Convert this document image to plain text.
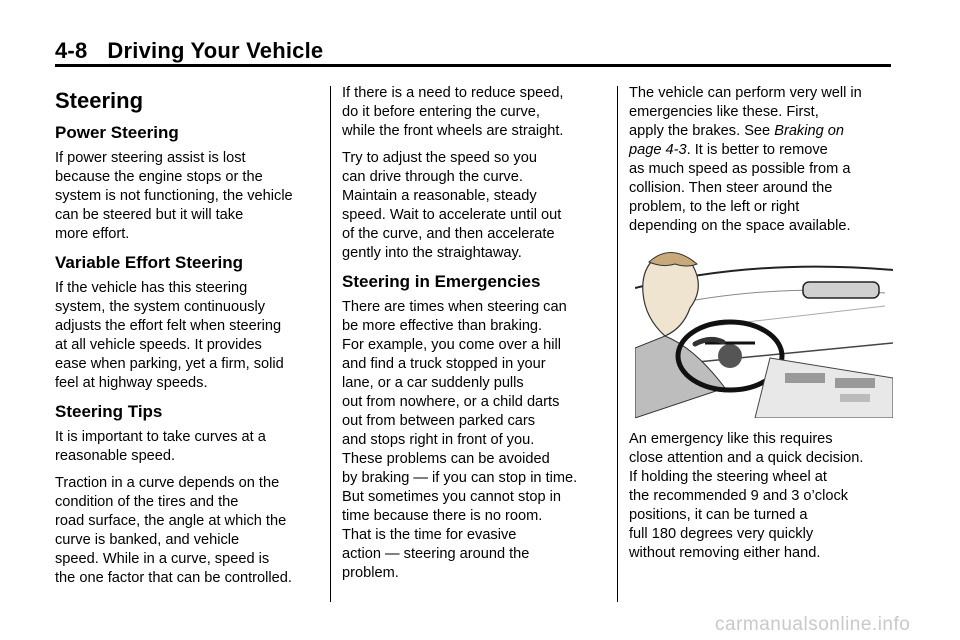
4-8 Driving Your Vehicle
Steering
Power Steering

If power steering assist is lost
because the engine stops or the
system is not functioning, the vehicle
can be steered but it will take
more effort.

Variable Effort Steering

If the vehicle has this steering
system, the system continuously
adjusts the effort felt when steering
at all vehicle speeds. It provides
ease when parking, yet a firm, solid
feel at highway speeds.

Steering Tips

It is important to take curves at a
reasonable speed.

Traction in a curve depends on the
condition of the tires and the
road surface, the angle at which the
curve is banked, and vehicle
speed. While in a curve, speed is
the one factor that can be controlled.

If there is a need to reduce speed,
do it before entering the curve,
while the front wheels are straight.

Try to adjust the speed so you
can drive through the curve.
Maintain a reasonable, steady
speed. Wait to accelerate until out
of the curve, and then accelerate
gently into the straightaway.

Steering in Emergencies

There are times when steering can
be more effective than braking.
For example, you come over a hill
and find a truck stopped in your
lane, or a car suddenly pulls
out from nowhere, or a child darts
out from between parked cars
and stops right in front of you.
These problems can be avoided
by braking — if you can stop in time.
But sometimes you cannot stop in
time because there is no room.
That is the time for evasive
action — steering around the
problem.

The vehicle can perform very well in
emergencies like these. First,
apply the brakes. See Braking on
page 4-3. It is better to remove
as much speed as possible from a
collision. Then steer around the
problem, to the left or right
depending on the space available.

An emergency like this requires
close attention and a quick decision.
If holding the steering wheel at
the recommended 9 and 3 o’clock
positions, it can be turned a
full 180 degrees very quickly
without removing either hand.

carmanualsonline.info
